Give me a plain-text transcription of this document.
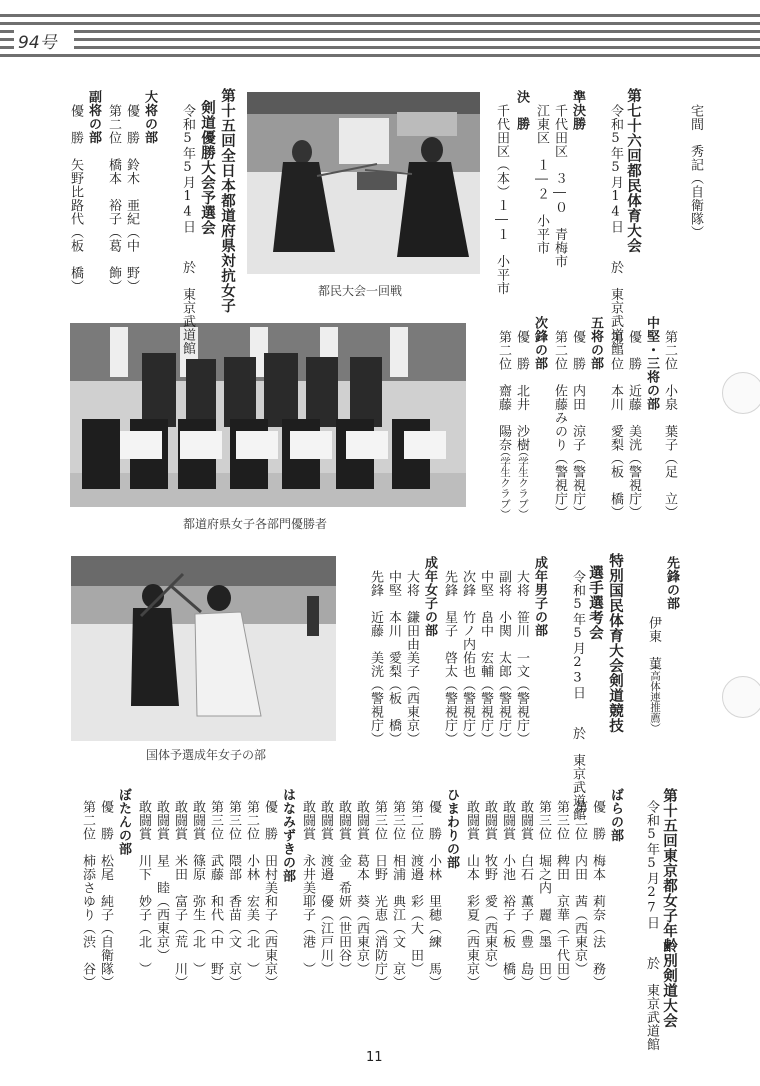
94号
都民大会一回戦
都道府県女子各部門優勝者
国体予選成年女子の部
宅間　秀記（自衛隊）
第七十六回都民体育大会
令和5年5月14日　　於　東京武道館
準決勝
千代田区　３―０　青梅市
江東区　１―２　小平市
決　勝
千代田区（本）１―１　小平市
第十五回全日本都道府県対抗女子
剣道優勝大会予選会
令和5年5月14日　　於　東京武道館
大将の部
優　勝　鈴木　亜紀（中　野）
第二位　橋本　裕子（葛　飾）
副将の部
優　勝　矢野比路代（板　橋）
第二位　小泉　葉子（足　立）
中堅・三将の部
優　勝　近藤　美洸（警視庁）
第二位　本川　愛梨（板　橋）
五将の部
優　勝　内田　涼子（警視庁）
第二位　佐藤みのり（警視庁）
次鋒の部
優　勝　北井　沙樹
（学生クラブ）
第二位　齋藤　陽奈
（学生クラブ）
先鋒の部
伊東　菫
（高体連推薦）
特別国民体育大会剣道競技
選手選考会
令和5年5月23日　　於　東京武道館
成年男子の部
大将　笹川　一文（警視庁）
副将　小関　太郎（警視庁）
中堅　畠中　宏輔（警視庁）
次鋒　竹ノ内佑也（警視庁）
先鋒　星子　啓太（警視庁）
成年女子の部
大将　鎌田由美子（西東京）
中堅　本川　愛梨（板　橋）
先鋒　近藤　美洸（警視庁）
第十五回東京都女子年齢別剣道大会
令和5年5月27日　　於　東京武道館
ばらの部
優　勝　梅本　莉奈（法　務）
第二位　内田　茜（西東京）
第三位　稗田　京華（千代田）
第三位　堀之内　麗（墨　田）
敢闘賞　白石　薫子（豊　島）
敢闘賞　小池　裕子（板　橋）
敢闘賞　牧野　愛（西東京）
敢闘賞　山本　彩夏（西東京）
ひまわりの部
優　勝　小林　里穂（練　馬）
第二位　渡邉　彩（大　田）
第三位　相浦　典江（文　京）
第三位　日野　光恵（消防庁）
敢闘賞　葛本　葵（西東京）
敢闘賞　金　希妍（世田谷）
敢闘賞　渡邉　優（江戸川）
敢闘賞　永井美耶子（港　）
はなみずきの部
優　勝　田村美和子（西東京）
第二位　小林　宏美（北　）
第三位　隈部　香苗（文　京）
第三位　武藤　和代（中　野）
敢闘賞　篠原　弥生（北　）
敢闘賞　米田　富子（荒　川）
敢闘賞　星　睦（西東京）
敢闘賞　川下　妙子（北　）
ぼたんの部
優　勝　松尾　純子（自衛隊）
第二位　柿添さゆり（渋　谷）
11
